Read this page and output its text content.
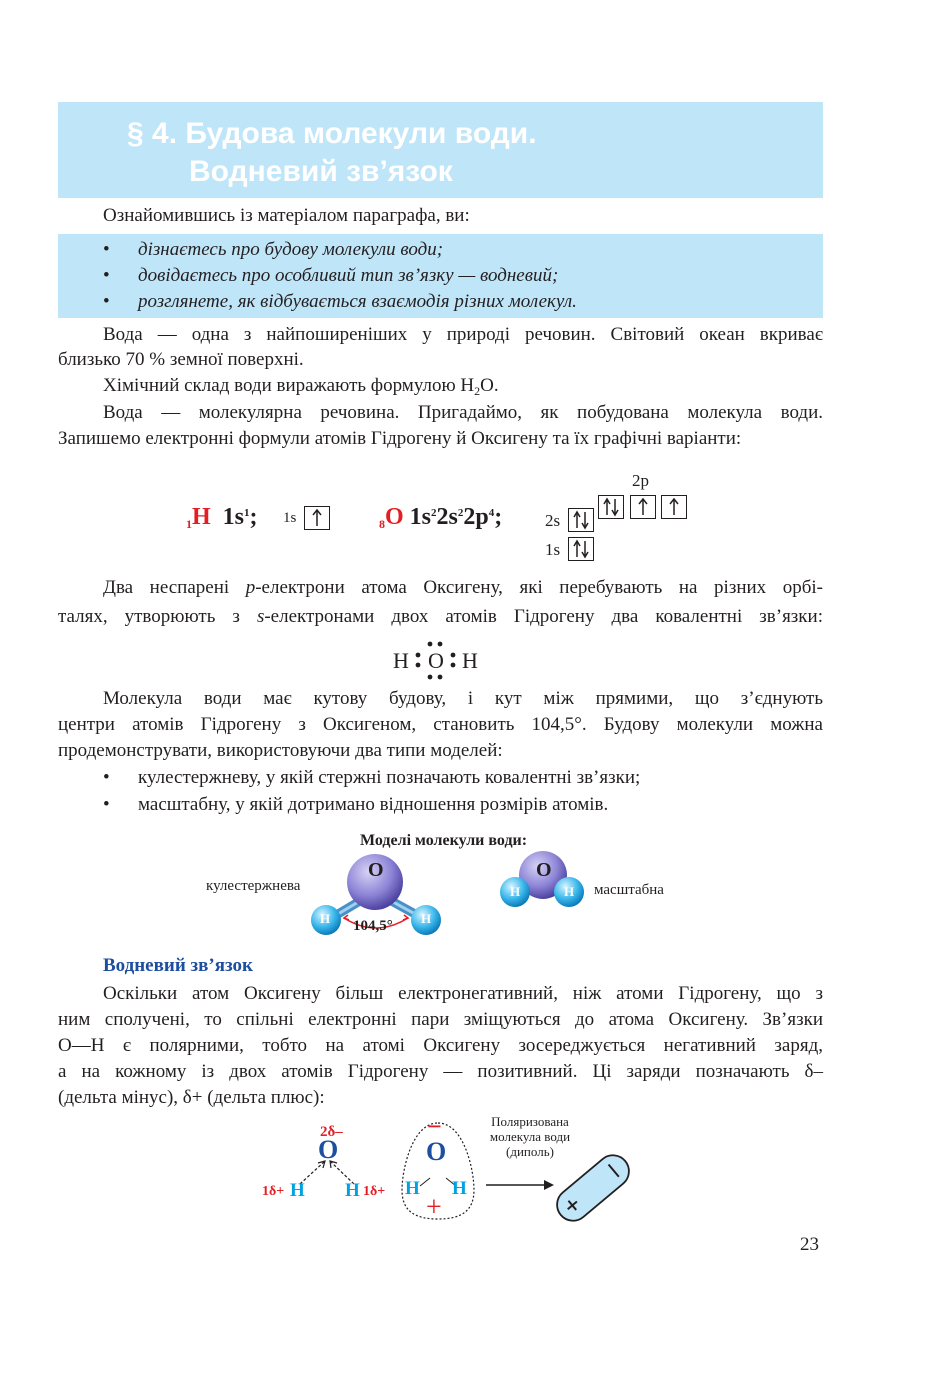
§ 4. Будова молекули води.
Водневий зв’язок
Ознайомившись із матеріалом параграфа, ви:
• дізнаєтесь про будову молекули води;
• довідаєтесь про особливий тип зв’язку — водневий;
• розглянете, як відбувається взаємодія різних молекул.
Вода — одна з найпоширеніших у природі речовин. Світовий океан вкриває
близько 70 % земної поверхні.
Хімічний склад води виражають формулою $H_2O$.
Вода — молекулярна речовина. Пригадаймо, як побудована молекула води.
Запишемо електронні формули атомів Гідрогену й Оксигену та їх графічні варіанти:
$_1$H $1s^1$; 1s	$_8$O $1s^22s^22p^4$;
2p
2s
1s
Два неспарені p-електрони атома Оксигену, які перебувають на різних орбі-
талях, утворюють з s-електронами двох атомів Гідрогену два ковалентні зв’язки:
H O H
Молекула води має кутову будову, і кут між прямими, що з’єднують
центри атомів Гідрогену з Оксигеном, становить 104,5°. Будову молекули можна
продемонструвати, використовуючи два типи моделей:
• кулестержневу, у якій стержні позначають ковалентні зв’язки;
• масштабну, у якій дотримано відношення розмірів атомів.
Моделі молекули води:
кулестержнева	масштабна
O
H	H
104,5°
O
H	H
Водневий зв’язок
Оскільки атом Оксигену більш електронегативний, ніж атоми Гідрогену, що з
ним сполучені, то спільні електронні пари зміщуються до атома Оксигену. Зв’язки
O—H є полярними, тобто на атомі Оксигену зосереджується негативний заряд,
а на кожному із двох атомів Гідрогену — позитивний. Ці заряди позначають δ–
(дельта мінус), δ+ (дельта плюс):
2δ–
O
1δ+ H H 1δ+
−
O
H H
+
Поляризована
молекула води
(диполь)
23
